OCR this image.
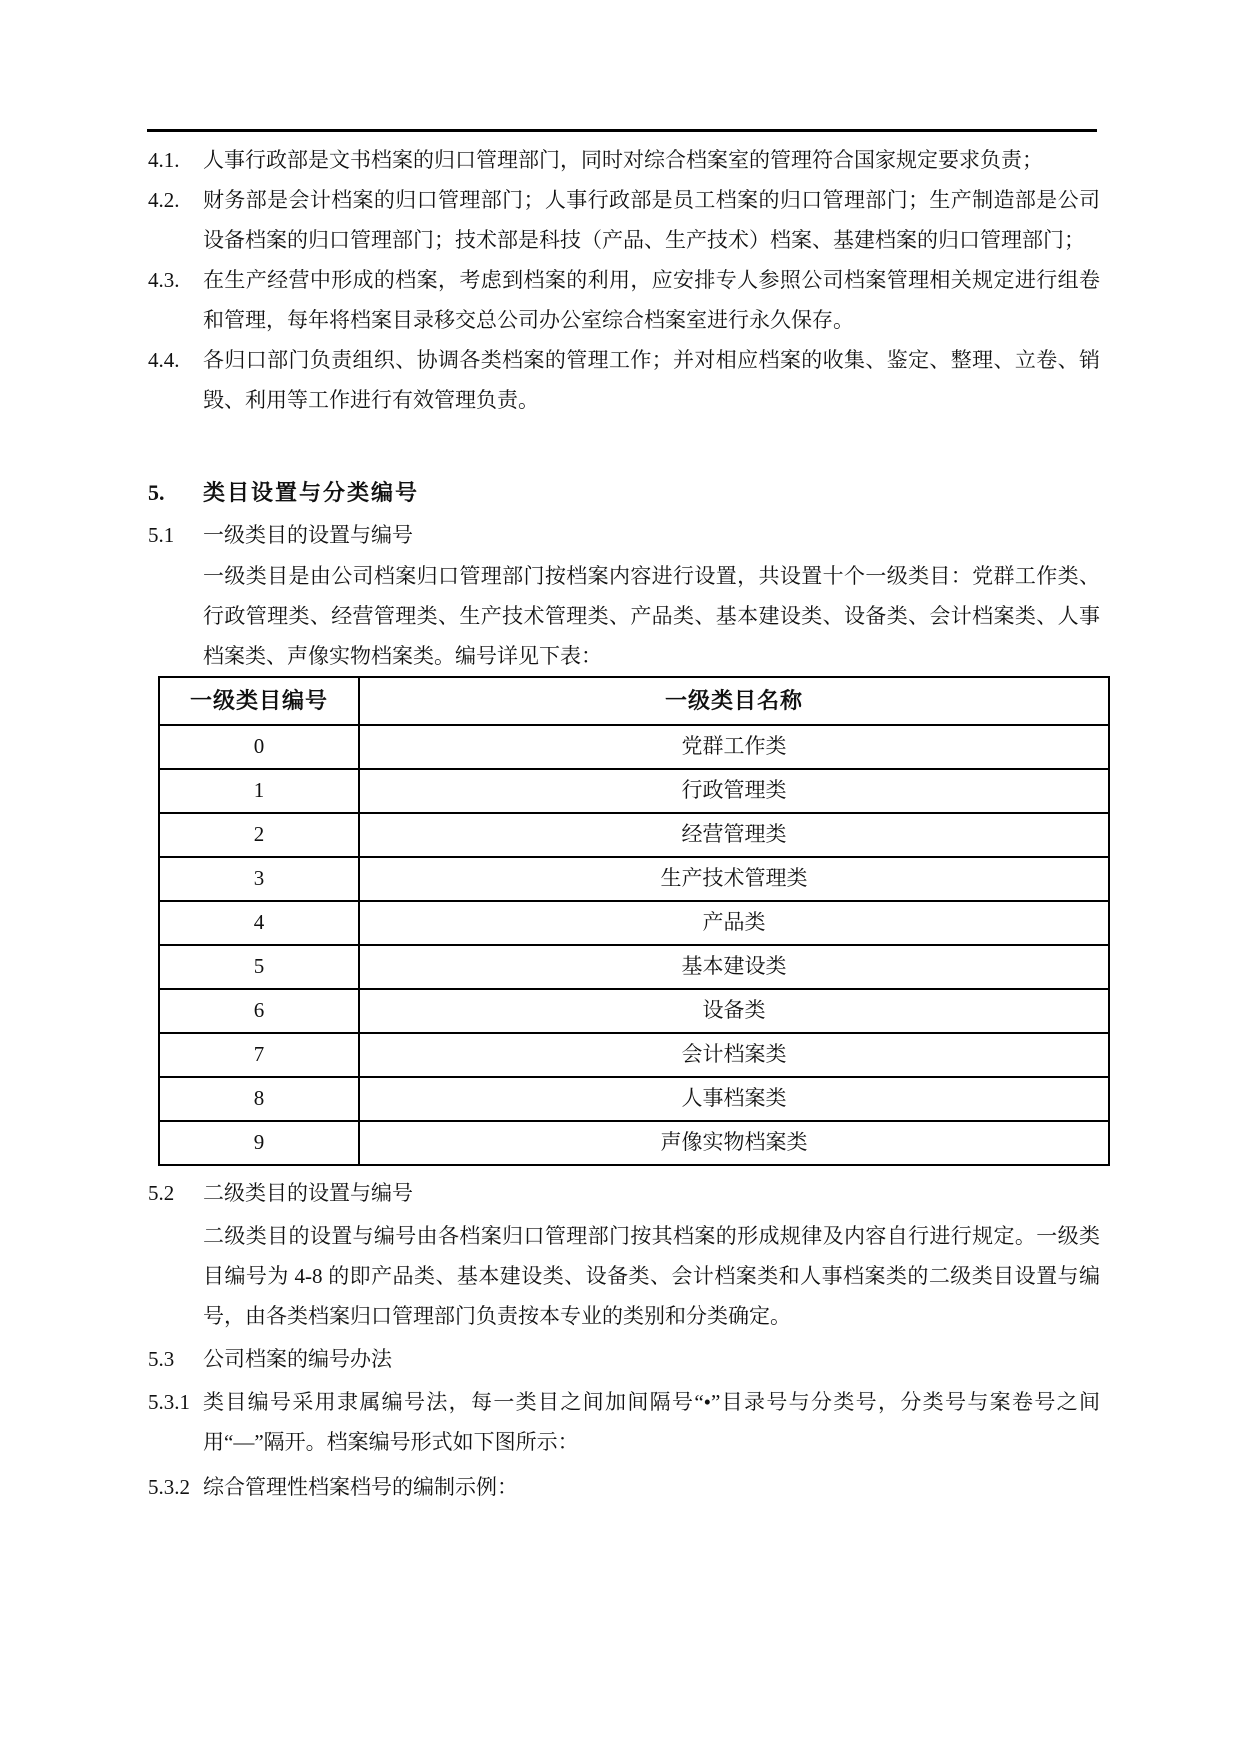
4.1.	人事行政部是文书档案的归口管理部门，同时对综合档案室的管理符合国家规定要求负责；
4.2.	财务部是会计档案的归口管理部门；人事行政部是员工档案的归口管理部门；生产制造部是公司设备档案的归口管理部门；技术部是科技（产品、生产技术）档案、基建档案的归口管理部门；
4.3.	在生产经营中形成的档案，考虑到档案的利用，应安排专人参照公司档案管理相关规定进行组卷和管理，每年将档案目录移交总公司办公室综合档案室进行永久保存。
4.4.	各归口部门负责组织、协调各类档案的管理工作；并对相应档案的收集、鉴定、整理、立卷、销毁、利用等工作进行有效管理负责。
5.	类目设置与分类编号
5.1	一级类目的设置与编号
一级类目是由公司档案归口管理部门按档案内容进行设置，共设置十个一级类目：党群工作类、行政管理类、经营管理类、生产技术管理类、产品类、基本建设类、设备类、会计档案类、人事档案类、声像实物档案类。编号详见下表：
一级类目编号	一级类目名称
0	党群工作类
1	行政管理类
2	经营管理类
3	生产技术管理类
4	产品类
5	基本建设类
6	设备类
7	会计档案类
8	人事档案类
9	声像实物档案类
5.2	二级类目的设置与编号
二级类目的设置与编号由各档案归口管理部门按其档案的形成规律及内容自行进行规定。一级类目编号为 4-8 的即产品类、基本建设类、设备类、会计档案类和人事档案类的二级类目设置与编号，由各类档案归口管理部门负责按本专业的类别和分类确定。
5.3	公司档案的编号办法
5.3.1 类目编号采用隶属编号法，每一类目之间加间隔号“•”目录号与分类号，分类号与案卷号之间用“—”隔开。档案编号形式如下图所示：
5.3.2 综合管理性档案档号的编制示例：
